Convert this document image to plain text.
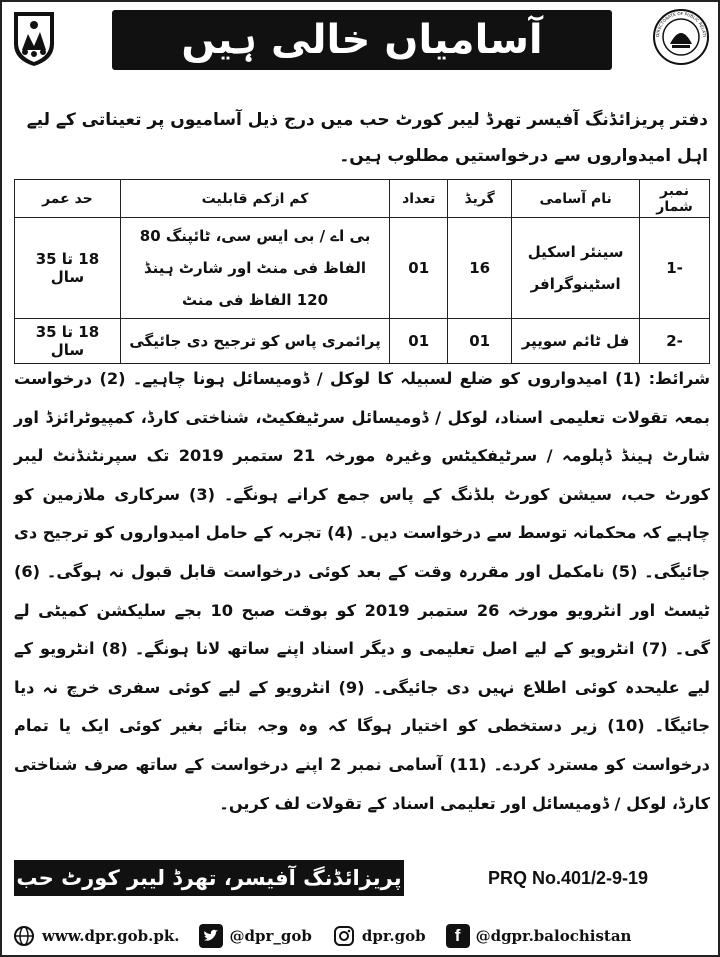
آسامیاں خالی ہیں	DIRECTORATE OF PUBLIC RELATI

دفتر پریزائڈنگ آفیسر تھرڈ لیبر کورٹ حب میں درج ذیل آسامیوں پر تعیناتی کے لیے اہل امیدواروں سے درخواستیں مطلوب ہیں۔

نمبر شمار	نام آسامی	گریڈ	تعداد	کم ازکم قابلیت	حد عمر
1-	سینئر اسکیل اسٹینوگرافر	16	01	بی اے / بی ایس سی، ٹائپنگ 80 الفاظ فی منٹ اور شارٹ ہینڈ 120 الفاظ فی منٹ	18 تا 35 سال
2-	فل ٹائم سویپر	01	01	پرائمری پاس کو ترجیح دی جائیگی	18 تا 35 سال

شرائط: (1) امیدواروں کو ضلع لسبیلہ کا لوکل / ڈومیسائل ہونا چاہیے۔ (2) درخواست بمعہ تقولات تعلیمی اسناد، لوکل / ڈومیسائل سرٹیفکیٹ، شناختی کارڈ، کمپیوٹرائزڈ اور شارٹ ہینڈ ڈپلومہ / سرٹیفکیٹس وغیرہ مورخہ 21 ستمبر 2019 تک سپرنٹنڈنٹ لیبر کورٹ حب، سیشن کورٹ بلڈنگ کے پاس جمع کرانے ہونگے۔ (3) سرکاری ملازمین کو چاہیے کہ محکمانہ توسط سے درخواست دیں۔ (4) تجربہ کے حامل امیدواروں کو ترجیح دی جائیگی۔ (5) نامکمل اور مقررہ وقت کے بعد کوئی درخواست قابل قبول نہ ہوگی۔ (6) ٹیسٹ اور انٹرویو مورخہ 26 ستمبر 2019 کو بوقت صبح 10 بجے سلیکشن کمیٹی لے گی۔ (7) انٹرویو کے لیے اصل تعلیمی و دیگر اسناد اپنے ساتھ لانا ہونگے۔ (8) انٹرویو کے لیے علیحدہ کوئی اطلاع نہیں دی جائیگی۔ (9) انٹرویو کے لیے کوئی سفری خرچ نہ دیا جائیگا۔ (10) زیر دستخطی کو اختیار ہوگا کہ وہ وجہ بتائے بغیر کوئی ایک یا تمام درخواست کو مسترد کردے۔ (11) آسامی نمبر 2 اپنے درخواست کے ساتھ صرف شناختی کارڈ، لوکل / ڈومیسائل اور تعلیمی اسناد کے تقولات لف کریں۔

پریزائڈنگ آفیسر، تھرڈ لیبر کورٹ حب	PRQ No.401/2-9-19
www.dpr.gob.pk.	@dpr_gob	dpr.gob	f	@dgpr.balochistan
